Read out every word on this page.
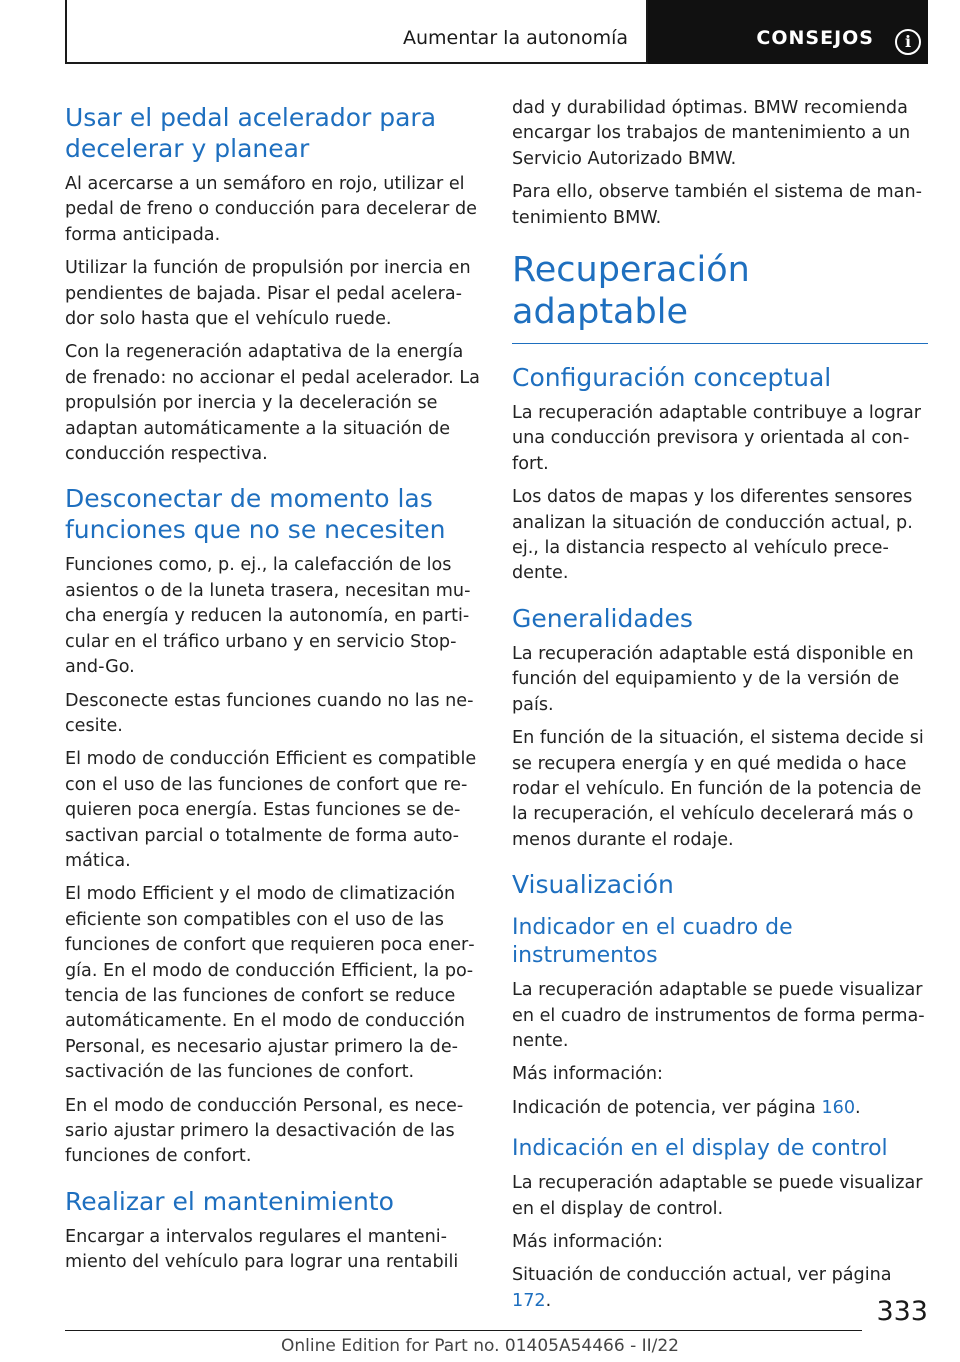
Aumentar la autonomía	CONSEJOS	i
Usar el pedal acelerador para decelerar y planear

Al acercarse a un semáforo en rojo, utilizar el pedal de freno o conducción para decelerar de forma anticipada.

Utilizar la función de propulsión por inercia en pendientes de bajada. Pisar el pedal acelerador solo hasta que el vehículo ruede.

Con la regeneración adaptativa de la energía de frenado: no accionar el pedal acelerador. La propulsión por inercia y la deceleración se adaptan automáticamente a la situación de conducción respectiva.

Desconectar de momento las funciones que no se necesiten

Funciones como, p. ej., la calefacción de los asientos o de la luneta trasera, necesitan mucha energía y reducen la autonomía, en particular en el tráfico urbano y en servicio Stop-and-Go.

Desconecte estas funciones cuando no las necesite.

El modo de conducción Efficient es compatible con el uso de las funciones de confort que requieren poca energía. Estas funciones se desactivan parcial o totalmente de forma automática.

El modo Efficient y el modo de climatización eficiente son compatibles con el uso de las funciones de confort que requieren poca energía. En el modo de conducción Efficient, la potencia de las funciones de confort se reduce automáticamente. En el modo de conducción Personal, es necesario ajustar primero la desactivación de las funciones de confort.

En el modo de conducción Personal, es necesario ajustar primero la desactivación de las funciones de confort.

Realizar el mantenimiento

Encargar a intervalos regulares el mantenimiento del vehículo para lograr una rentabili

dad y durabilidad óptimas. BMW recomienda encargar los trabajos de mantenimiento a un Servicio Autorizado BMW.

Para ello, observe también el sistema de mantenimiento BMW.

Recuperación adaptable
Configuración conceptual

La recuperación adaptable contribuye a lograr una conducción previsora y orientada al confort.

Los datos de mapas y los diferentes sensores analizan la situación de conducción actual, p. ej., la distancia respecto al vehículo precedente.

Generalidades

La recuperación adaptable está disponible en función del equipamiento y de la versión de país.

En función de la situación, el sistema decide si se recupera energía y en qué medida o hace rodar el vehículo. En función de la potencia de la recuperación, el vehículo decelerará más o menos durante el rodaje.

Visualización
Indicador en el cuadro de instrumentos

La recuperación adaptable se puede visualizar en el cuadro de instrumentos de forma permanente.

Más información:

Indicación de potencia, ver página 160.

Indicación en el display de control

La recuperación adaptable se puede visualizar en el display de control.

Más información:

Situación de conducción actual, ver página 172.	333
Online Edition for Part no. 01405A54466 - II/22
